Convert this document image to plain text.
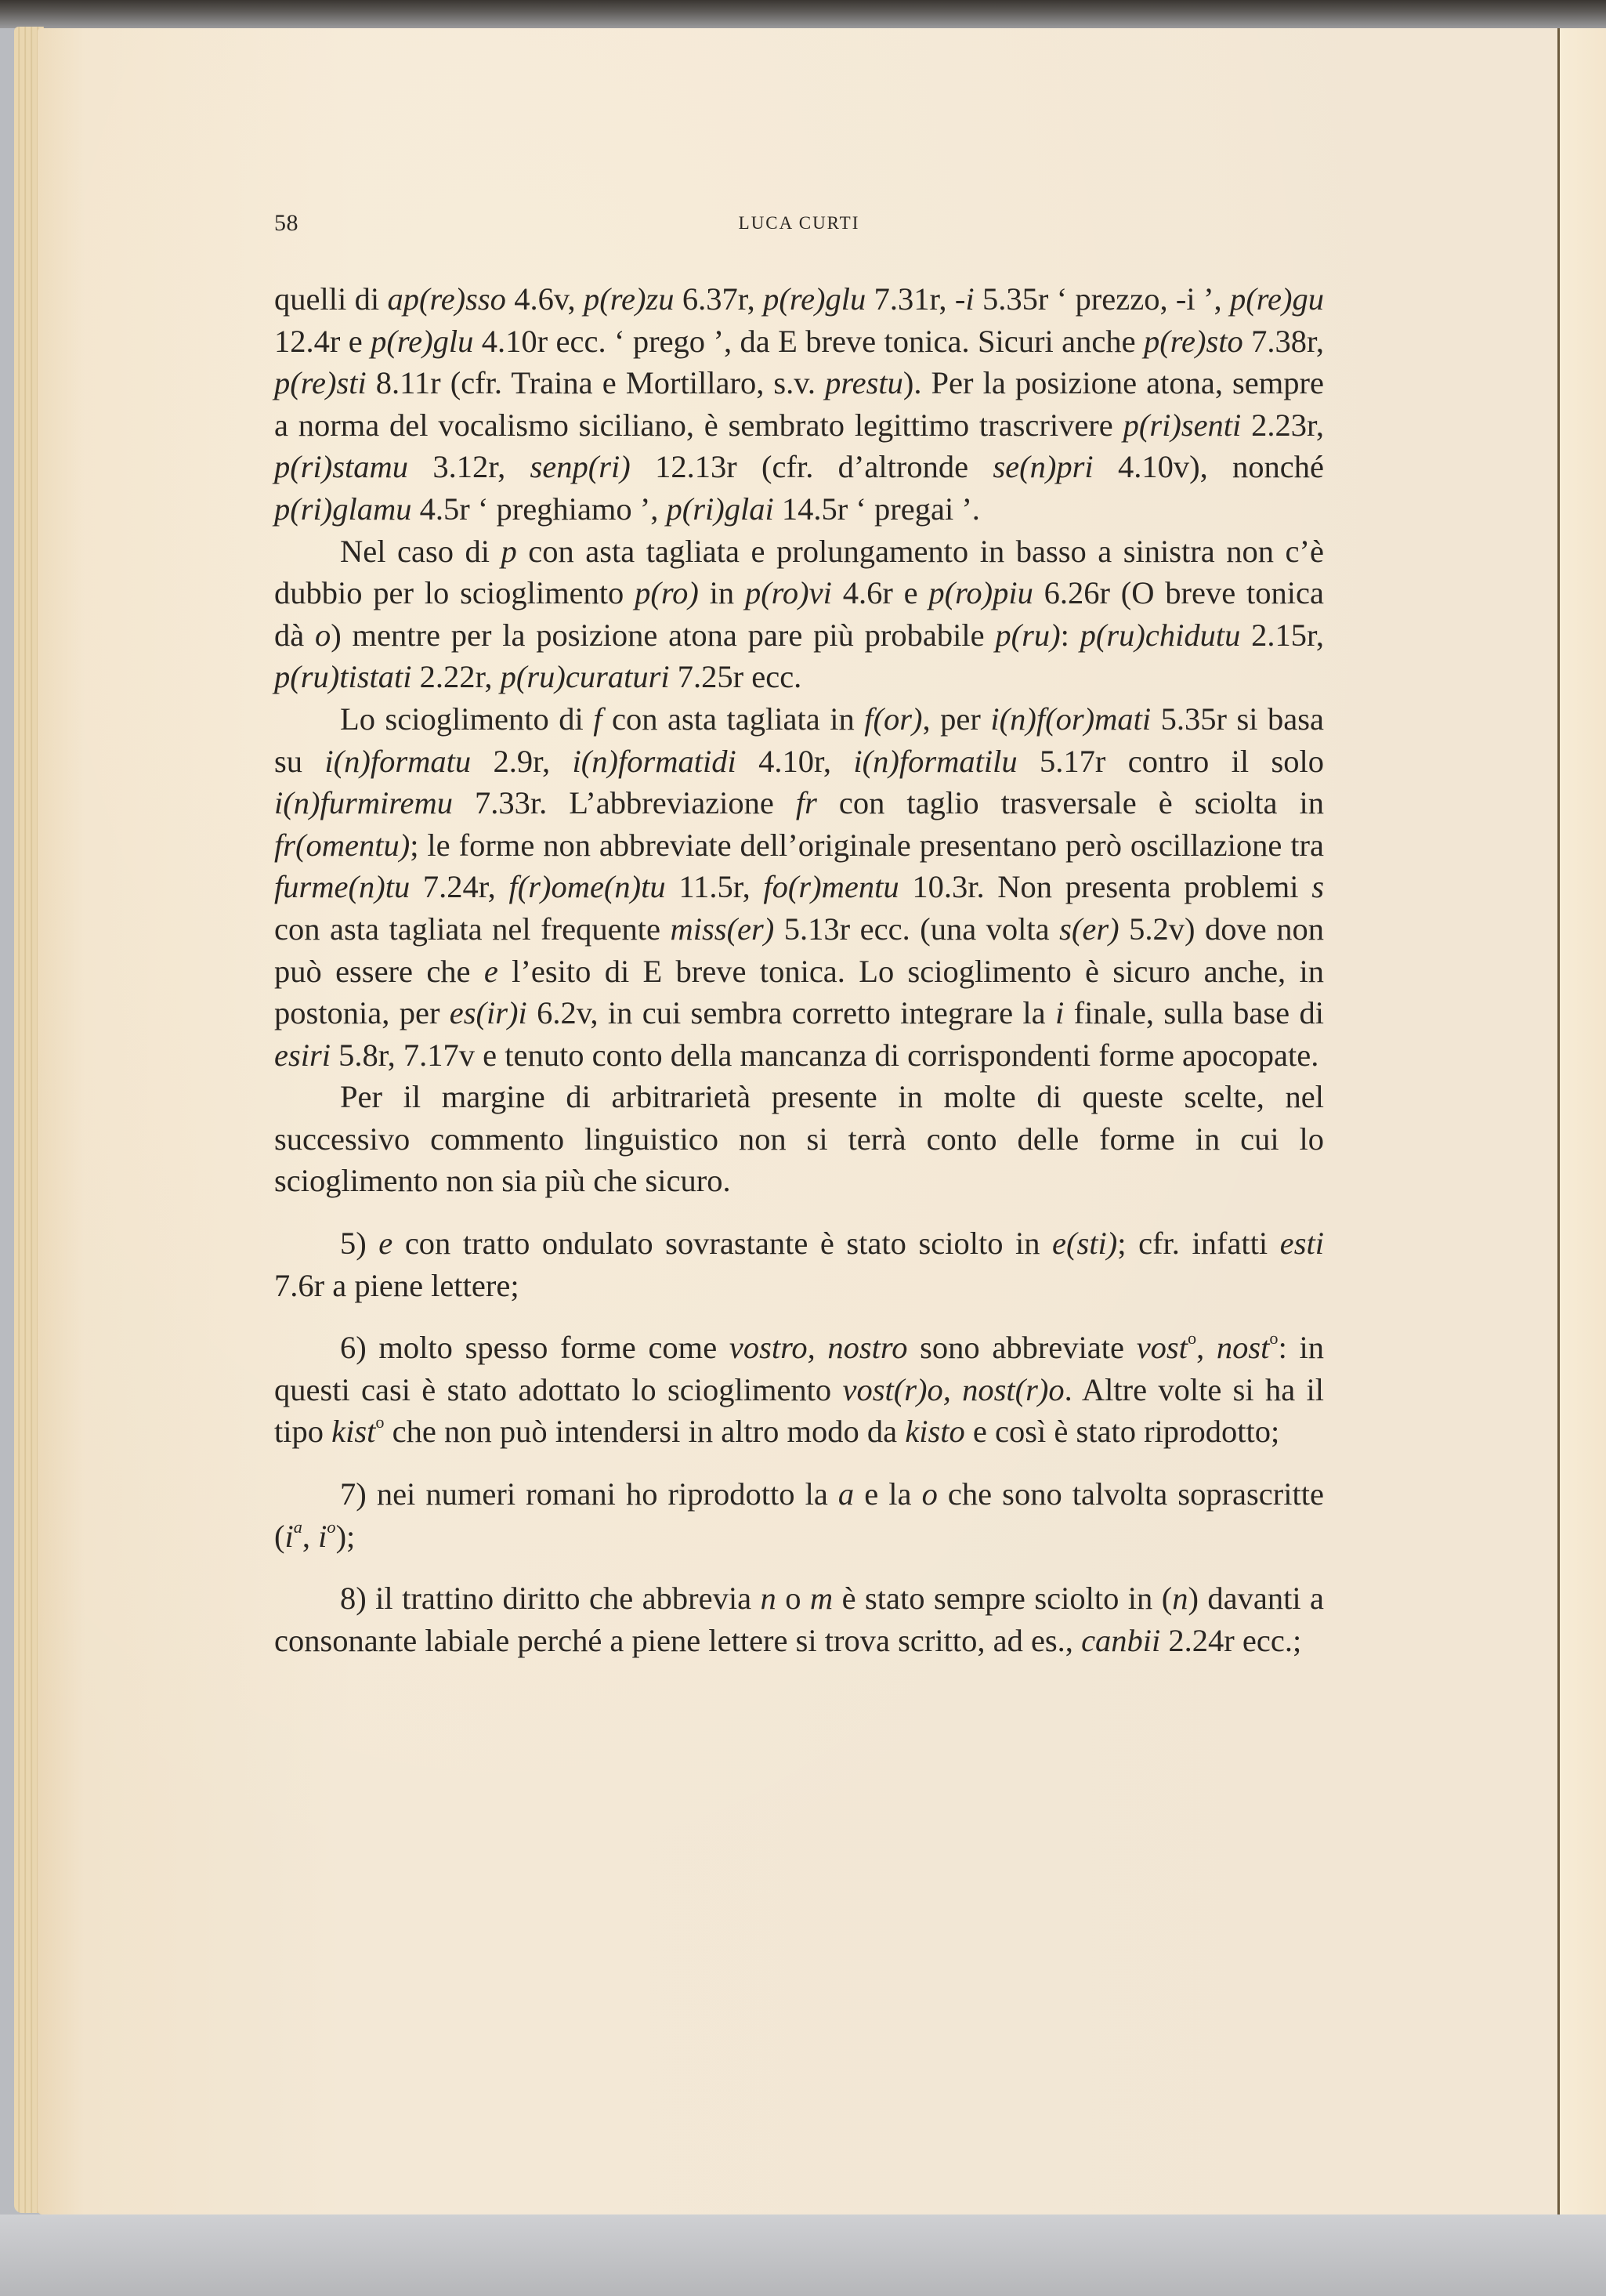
58	LUCA CURTI

quelli di ap(re)sso 4.6v, p(re)zu 6.37r, p(re)glu 7.31r, -i 5.35r ‘ prezzo, -i ’, p(re)gu 12.4r e p(re)glu 4.10r ecc. ‘ prego ’, da E breve tonica. Sicuri anche p(re)sto 7.38r, p(re)sti 8.11r (cfr. Traina e Mortillaro, s.v. prestu). Per la posizione atona, sempre a norma del vocalismo siciliano, è sembrato legittimo trascrivere p(ri)senti 2.23r, p(ri)stamu 3.12r, senp(ri) 12.13r (cfr. d’altronde se(n)pri 4.10v), nonché p(ri)glamu 4.5r ‘ preghiamo ’, p(ri)glai 14.5r ‘ pregai ’.

Nel caso di p con asta tagliata e prolungamento in basso a sinistra non c’è dubbio per lo scioglimento p(ro) in p(ro)vi 4.6r e p(ro)piu 6.26r (O breve tonica dà o) mentre per la posizione atona pare più probabile p(ru): p(ru)chidutu 2.15r, p(ru)tistati 2.22r, p(ru)curaturi 7.25r ecc.

Lo scioglimento di f con asta tagliata in f(or), per i(n)f(or)mati 5.35r si basa su i(n)formatu 2.9r, i(n)formatidi 4.10r, i(n)formatilu 5.17r contro il solo i(n)furmiremu 7.33r. L’abbreviazione fr con taglio trasversale è sciolta in fr(omentu); le forme non abbreviate dell’originale presentano però oscillazione tra furme(n)tu 7.24r, f(r)ome(n)tu 11.5r, fo(r)mentu 10.3r. Non presenta problemi s con asta tagliata nel frequente miss(er) 5.13r ecc. (una volta s(er) 5.2v) dove non può essere che e l’esito di E breve tonica. Lo scioglimento è sicuro anche, in postonia, per es(ir)i 6.2v, in cui sembra corretto integrare la i finale, sulla base di esiri 5.8r, 7.17v e tenuto conto della mancanza di corrispondenti forme apocopate.

Per il margine di arbitrarietà presente in molte di queste scelte, nel successivo commento linguistico non si terrà conto delle forme in cui lo scioglimento non sia più che sicuro.

5) e con tratto ondulato sovrastante è stato sciolto in e(sti); cfr. infatti esti 7.6r a piene lettere;

6) molto spesso forme come vostro, nostro sono abbreviate vost$^o$, nost$^o$: in questi casi è stato adottato lo scioglimento vost(r)o, nost(r)o. Altre volte si ha il tipo kist$^o$ che non può intendersi in altro modo da kisto e così è stato riprodotto;

7) nei numeri romani ho riprodotto la a e la o che sono talvolta soprascritte ($i^a$, $i^o$);

8) il trattino diritto che abbrevia n o m è stato sempre sciolto in (n) davanti a consonante labiale perché a piene lettere si trova scritto, ad es., canbii 2.24r ecc.;
